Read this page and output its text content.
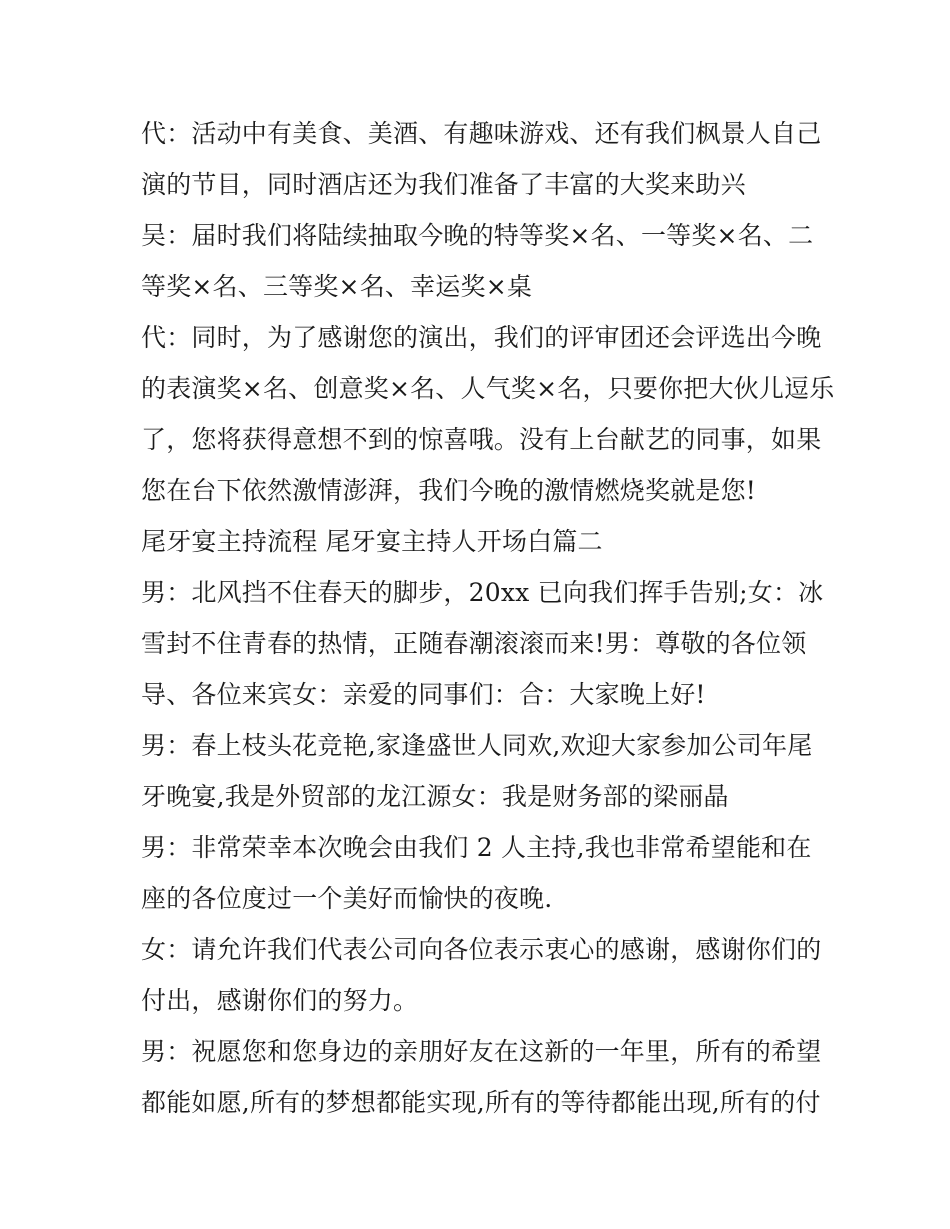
代：活动中有美食、美酒、有趣味游戏、还有我们枫景人自己
演的节目，同时酒店还为我们准备了丰富的大奖来助兴
吴：届时我们将陆续抽取今晚的特等奖×名、一等奖×名、二
等奖×名、三等奖×名、幸运奖×桌
代：同时，为了感谢您的演出，我们的评审团还会评选出今晚
的表演奖×名、创意奖×名、人气奖×名，只要你把大伙儿逗乐
了，您将获得意想不到的惊喜哦。没有上台献艺的同事，如果
您在台下依然激情澎湃，我们今晚的激情燃烧奖就是您!
尾牙宴主持流程 尾牙宴主持人开场白篇二
男：北风挡不住春天的脚步，20xx 已向我们挥手告别;女：冰
雪封不住青春的热情，正随春潮滚滚而来!男：尊敬的各位领
导、各位来宾女：亲爱的同事们：合：大家晚上好!
男：春上枝头花竞艳,家逢盛世人同欢,欢迎大家参加公司年尾
牙晚宴,我是外贸部的龙江源女：我是财务部的梁丽晶
男：非常荣幸本次晚会由我们 2 人主持,我也非常希望能和在
座的各位度过一个美好而愉快的夜晚.
女：请允许我们代表公司向各位表示衷心的感谢，感谢你们的
付出，感谢你们的努力。
男：祝愿您和您身边的亲朋好友在这新的一年里，所有的希望
都能如愿,所有的梦想都能实现,所有的等待都能出现,所有的付
